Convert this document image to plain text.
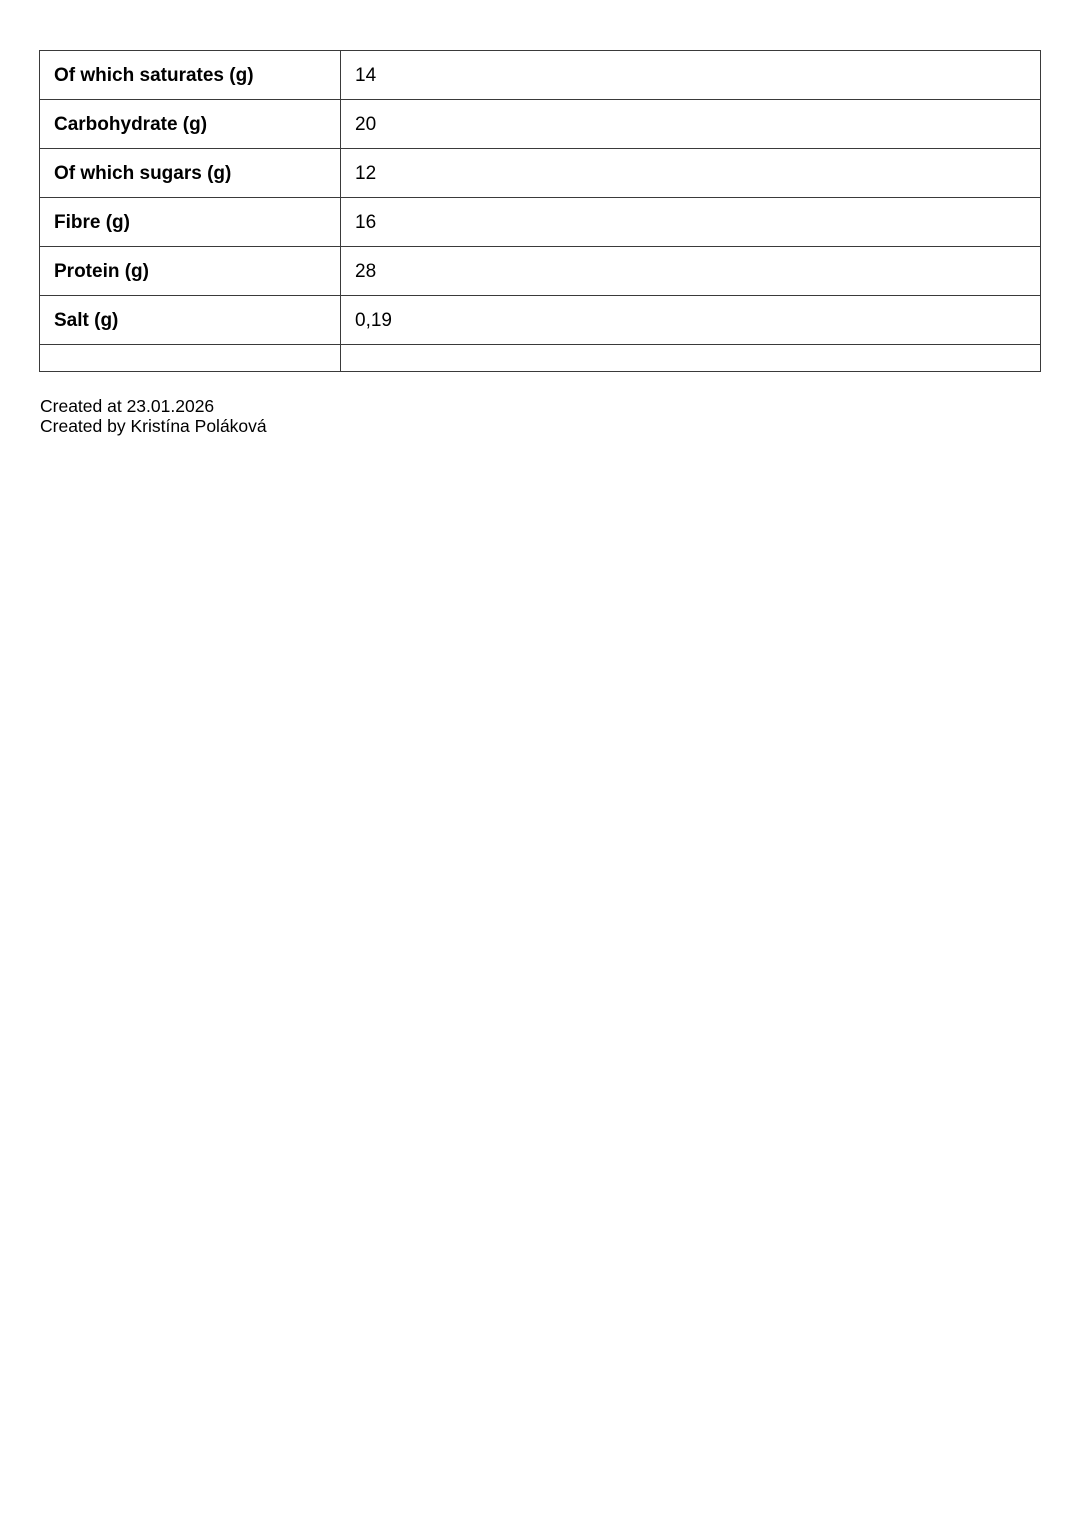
Of which saturates (g)	14
Carbohydrate (g)	20
Of which sugars (g)	12
Fibre (g)	16
Protein (g)	28
Salt (g)	0,19

Created at 23.01.2026
Created by Kristína Poláková
